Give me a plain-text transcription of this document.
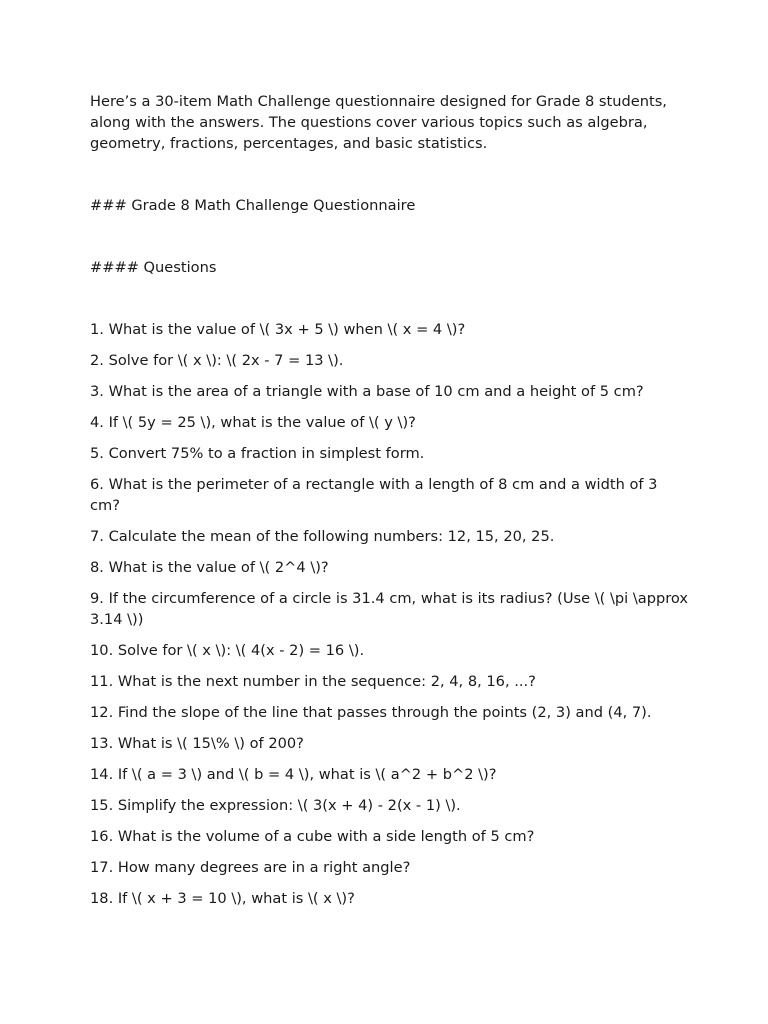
Here’s a 30-item Math Challenge questionnaire designed for Grade 8 students, along with the answers. The questions cover various topics such as algebra, geometry, fractions, percentages, and basic statistics.

### Grade 8 Math Challenge Questionnaire

#### Questions

1. What is the value of \( 3x + 5 \) when \( x = 4 \)?
2. Solve for \( x \): \( 2x - 7 = 13 \).
3. What is the area of a triangle with a base of 10 cm and a height of 5 cm?
4. If \( 5y = 25 \), what is the value of \( y \)?
5. Convert 75% to a fraction in simplest form.
6. What is the perimeter of a rectangle with a length of 8 cm and a width of 3 cm?
7. Calculate the mean of the following numbers: 12, 15, 20, 25.
8. What is the value of \( 2^4 \)?
9. If the circumference of a circle is 31.4 cm, what is its radius? (Use \( \pi \approx 3.14 \))
10. Solve for \( x \): \( 4(x - 2) = 16 \).
11. What is the next number in the sequence: 2, 4, 8, 16, ...?
12. Find the slope of the line that passes through the points (2, 3) and (4, 7).
13. What is \( 15\% \) of 200?
14. If \( a = 3 \) and \( b = 4 \), what is \( a^2 + b^2 \)?
15. Simplify the expression: \( 3(x + 4) - 2(x - 1) \).
16. What is the volume of a cube with a side length of 5 cm?
17. How many degrees are in a right angle?
18. If \( x + 3 = 10 \), what is \( x \)?
